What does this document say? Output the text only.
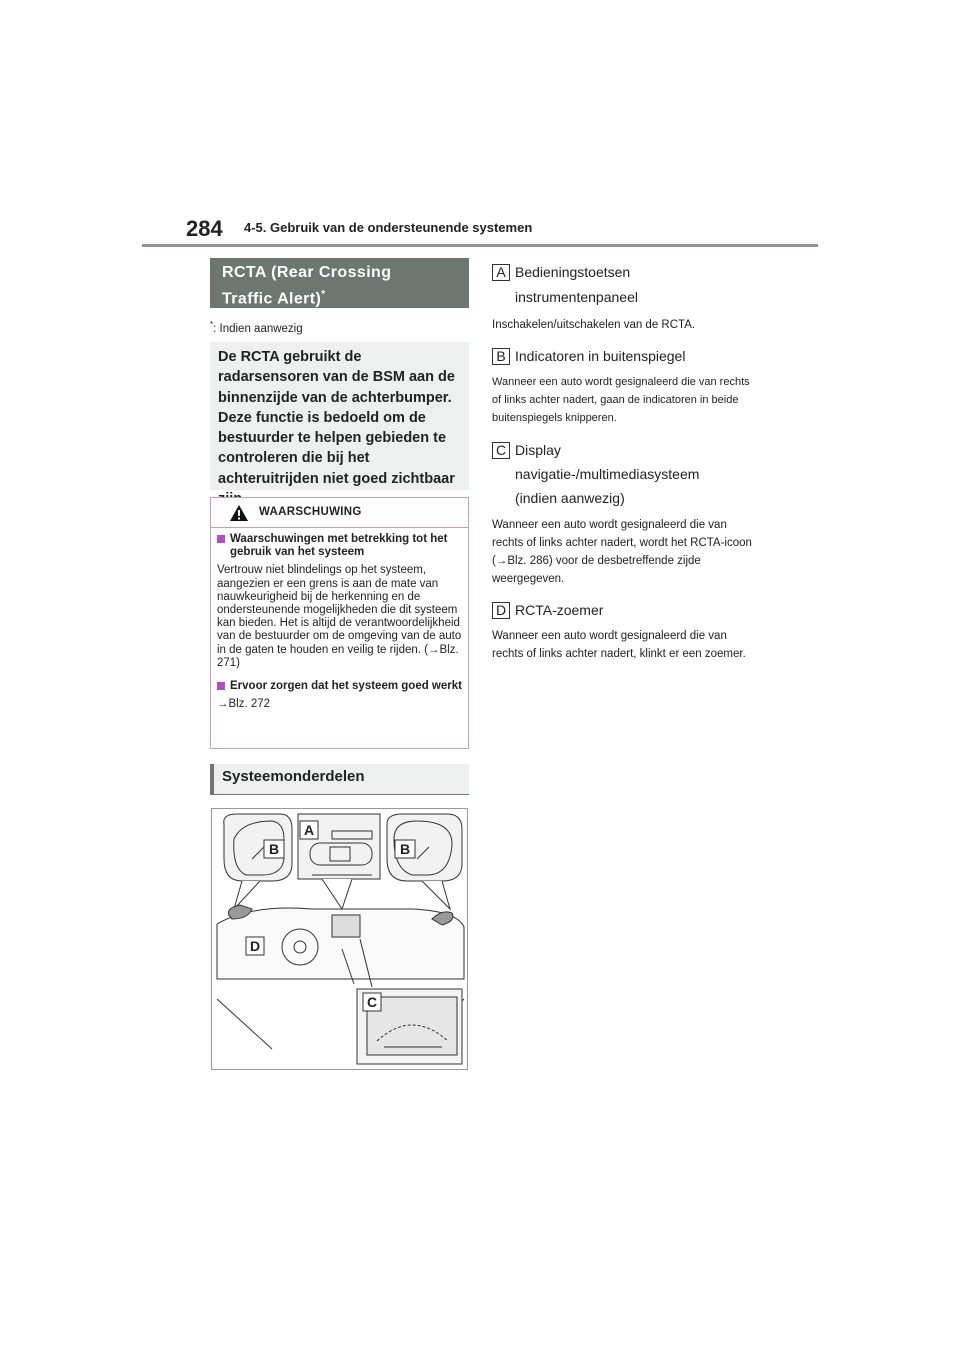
284 4-5. Gebruik van de ondersteunende systemen
RCTA (Rear Crossing
Traffic Alert)*
*: Indien aanwezig
De RCTA gebruikt de radarsensoren van de BSM aan de binnenzijde van de achterbumper. Deze functie is bedoeld om de bestuurder te helpen gebieden te controleren die bij het achteruitrijden niet goed zichtbaar
WAARSCHUWING
Waarschuwingen met betrekking tot het gebruik van het systeem
Vertrouw niet blindelings op het systeem, aangezien er een grens is aan de mate van nauwkeurigheid bij de herkenning en de ondersteunende mogelijkheden die dit systeem kan bieden. Het is altijd de verantwoordelijkheid van de bestuurder om de omgeving van de auto in de gaten te houden en veilig te rijden. (→Blz. 271)
Ervoor zorgen dat het systeem goed werkt
→Blz. 272
Systeemonderdelen
A
B	B
C
D
A Bedieningstoetsen instrumentenpaneel
Inschakelen/uitschakelen van de RCTA.
B Indicatoren in buitenspiegel
Wanneer een auto wordt gesignaleerd die van rechts of links achter nadert, gaan de indicatoren in beide buitenspiegels knipperen.
C Display navigatie-/multimediasysteem (indien aanwezig)
Wanneer een auto wordt gesignaleerd die van rechts of links achter nadert, wordt het RCTA-icoon (→Blz. 286) voor de desbetreffende zijde weergegeven.
D RCTA-zoemer
Wanneer een auto wordt gesignaleerd die van rechts of links achter nadert, klinkt er een zoemer.
